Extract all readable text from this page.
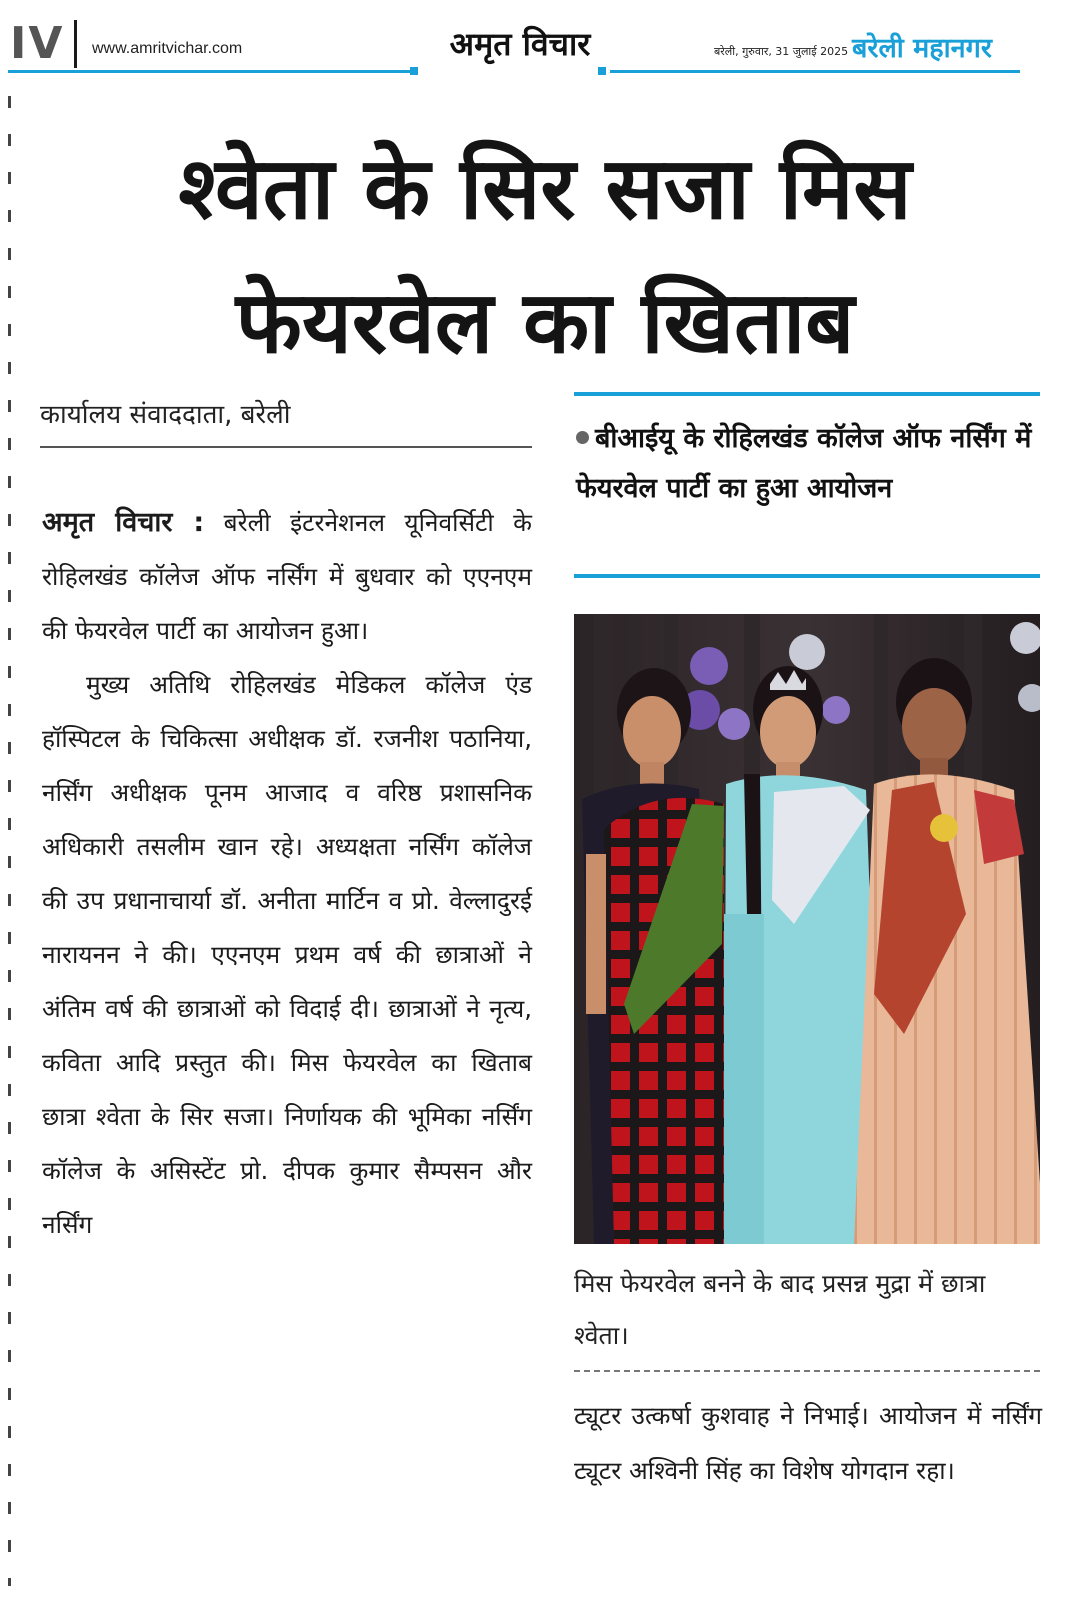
IV	www.amritvichar.com	अमृत विचार	बरेली, गुरुवार, 31 जुलाई 2025 बरेली महानगर
श्वेता के सिर सजा मिस
फेयरवेल का खिताब
कार्यालय संवाददाता, बरेली

अमृत विचार : बरेली इंटरनेशनल यूनिवर्सिटी के रोहिलखंड कॉलेज ऑफ नर्सिंग में बुधवार को एएनएम की फेयरवेल पार्टी का आयोजन हुआ।

मुख्य अतिथि रोहिलखंड मेडिकल कॉलेज एंड हॉस्पिटल के चिकित्सा अधीक्षक डॉ. रजनीश पठानिया, नर्सिंग अधीक्षक पूनम आजाद व वरिष्ठ प्रशासनिक अधिकारी तसलीम खान रहे। अध्यक्षता नर्सिंग कॉलेज की उप प्रधानाचार्या डॉ. अनीता मार्टिन व प्रो. वेल्लादुरई नारायनन ने की। एएनएम प्रथम वर्ष की छात्राओं ने अंतिम वर्ष की छात्राओं को विदाई दी। छात्राओं ने नृत्य, कविता आदि प्रस्तुत की। मिस फेयरवेल का खिताब छात्रा श्वेता के सिर सजा। निर्णायक की भूमिका नर्सिंग कॉलेज के असिस्टेंट प्रो. दीपक कुमार सैम्पसन और नर्सिंग

बीआईयू के रोहिलखंड कॉलेज ऑफ नर्सिंग में फेयरवेल पार्टी का हुआ आयोजन
मिस फेयरवेल बनने के बाद प्रसन्न मुद्रा में छात्रा श्वेता।

ट्यूटर उत्कर्षा कुशवाह ने निभाई। आयोजन में नर्सिंग ट्यूटर अश्विनी सिंह का विशेष योगदान रहा।
